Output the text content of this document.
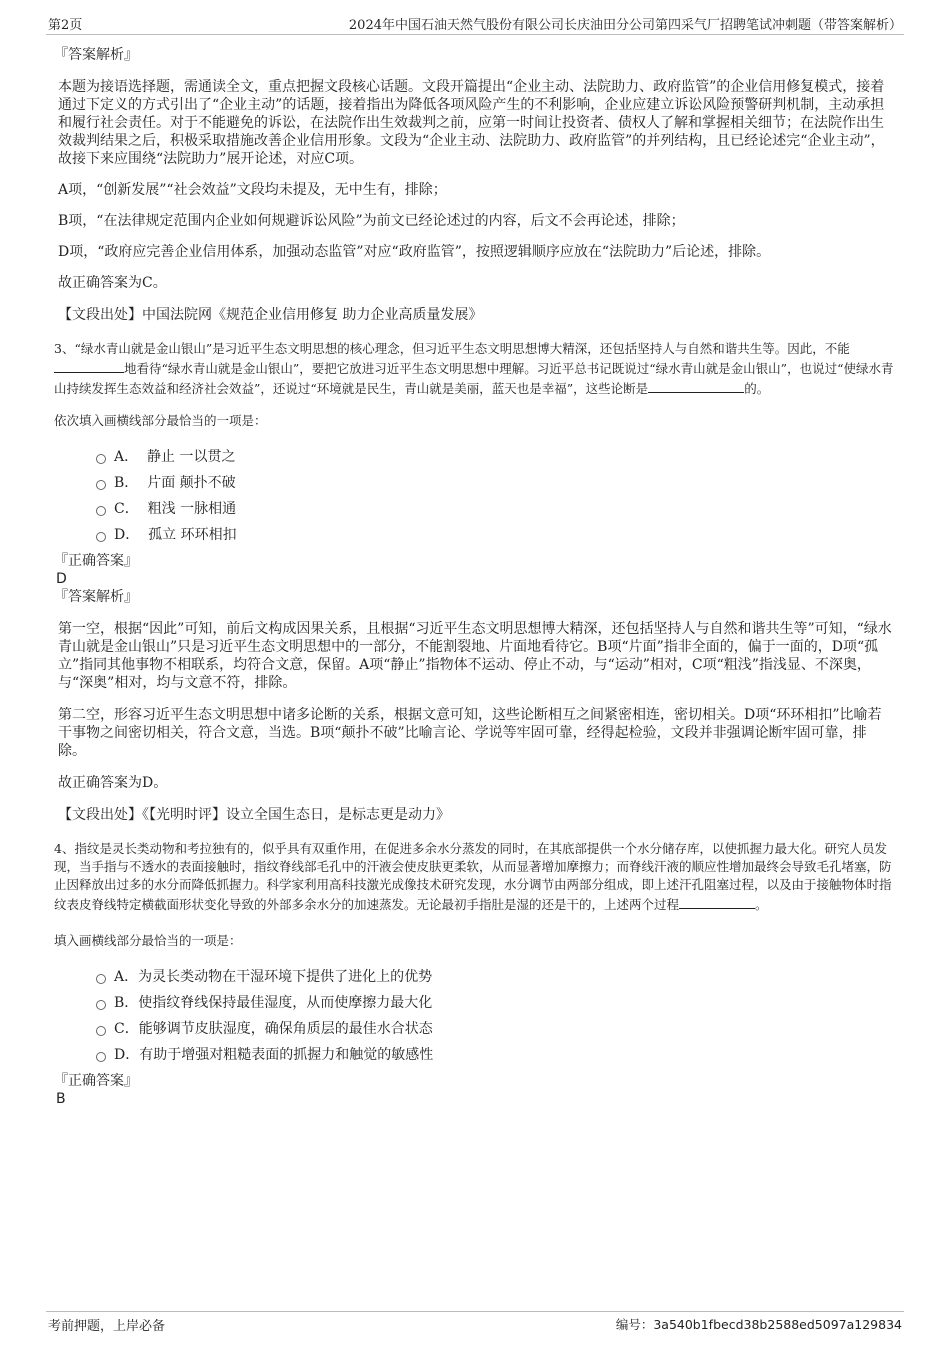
第2页	2024年中国石油天然气股份有限公司长庆油田分公司第四采气厂招聘笔试冲刺题（带答案解析）

『答案解析』

本题为接语选择题，需通读全文，重点把握文段核心话题。文段开篇提出“企业主动、法院助力、政府监管”的企业信用修复模式，接着通过下定义的方式引出了“企业主动”的话题，接着指出为降低各项风险产生的不利影响，企业应建立诉讼风险预警研判机制，主动承担和履行社会责任。对于不能避免的诉讼，在法院作出生效裁判之前，应第一时间让投资者、债权人了解和掌握相关细节；在法院作出生效裁判结果之后，积极采取措施改善企业信用形象。文段为“企业主动、法院助力、政府监管”的并列结构，且已经论述完“企业主动”，故接下来应围绕“法院助力”展开论述，对应C项。

A项，“创新发展”“社会效益”文段均未提及，无中生有，排除；

B项，“在法律规定范围内企业如何规避诉讼风险”为前文已经论述过的内容，后文不会再论述，排除；

D项，“政府应完善企业信用体系，加强动态监管”对应“政府监管”，按照逻辑顺序应放在“法院助力”后论述，排除。

故正确答案为C。

【文段出处】中国法院网《规范企业信用修复 助力企业高质量发展》

3、“绿水青山就是金山银山”是习近平生态文明思想的核心理念，但习近平生态文明思想博大精深，还包括坚持人与自然和谐共生等。因此，不能地看待“绿水青山就是金山银山”，要把它放进习近平生态文明思想中理解。习近平总书记既说过“绿水青山就是金山银山”，也说过“使绿水青山持续发挥生态效益和经济社会效益”，还说过“环境就是民生，青山就是美丽，蓝天也是幸福”，这些论断是	的。

依次填入画横线部分最恰当的一项是：

A． 静止 一以贯之
B． 片面 颠扑不破
C． 粗浅 一脉相通
D． 孤立 环环相扣

『正确答案』

D

『答案解析』

第一空，根据“因此”可知，前后文构成因果关系，且根据“习近平生态文明思想博大精深，还包括坚持人与自然和谐共生等”可知，“绿水青山就是金山银山”只是习近平生态文明思想中的一部分，不能割裂地、片面地看待它。B项“片面”指非全面的，偏于一面的，D项“孤立”指同其他事物不相联系，均符合文意，保留。A项“静止”指物体不运动、停止不动，与“运动”相对，C项“粗浅”指浅显、不深奥，与“深奥”相对，均与文意不符，排除。

第二空，形容习近平生态文明思想中诸多论断的关系，根据文意可知，这些论断相互之间紧密相连，密切相关。D项“环环相扣”比喻若干事物之间密切相关，符合文意，当选。B项“颠扑不破”比喻言论、学说等牢固可靠，经得起检验，文段并非强调论断牢固可靠，排除。

故正确答案为D。

【文段出处】《【光明时评】设立全国生态日，是标志更是动力》

4、指纹是灵长类动物和考拉独有的，似乎具有双重作用，在促进多余水分蒸发的同时，在其底部提供一个水分储存库，以使抓握力最大化。研究人员发现，当手指与不透水的表面接触时，指纹脊线部毛孔中的汗液会使皮肤更柔软，从而显著增加摩擦力；而脊线汗液的顺应性增加最终会导致毛孔堵塞，防止因释放出过多的水分而降低抓握力。科学家利用高科技激光成像技术研究发现，水分调节由两部分组成，即上述汗孔阻塞过程，以及由于接触物体时指纹表皮脊线特定横截面形状变化导致的外部多余水分的加速蒸发。无论最初手指肚是湿的还是干的，上述两个过程	。

填入画横线部分最恰当的一项是：

A．为灵长类动物在干湿环境下提供了进化上的优势
B．使指纹脊线保持最佳湿度，从而使摩擦力最大化
C．能够调节皮肤湿度，确保角质层的最佳水合状态
D．有助于增强对粗糙表面的抓握力和触觉的敏感性

『正确答案』

B

考前押题，上岸必备	编号：3a540b1fbecd38b2588ed5097a129834
